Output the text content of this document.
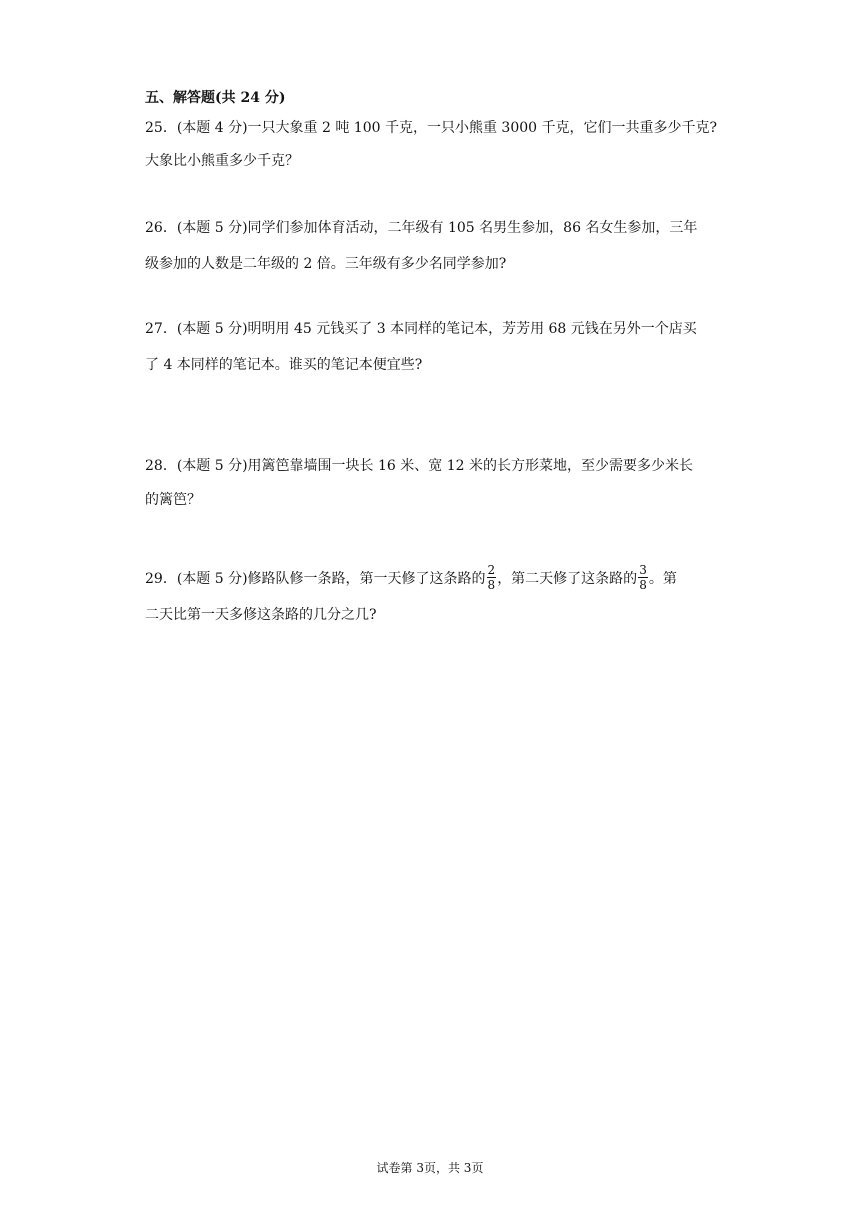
五、解答题(共 24 分)
25．(本题 4 分)一只大象重 2 吨 100 千克，一只小熊重 3000 千克，它们一共重多少千克?
大象比小熊重多少千克？
26．(本题 5 分)同学们参加体育活动，二年级有 105 名男生参加，86 名女生参加，三年
级参加的人数是二年级的 2 倍。三年级有多少名同学参加?
27．(本题 5 分)明明用 45 元钱买了 3 本同样的笔记本，芳芳用 68 元钱在另外一个店买
了 4 本同样的笔记本。谁买的笔记本便宜些?
28．(本题 5 分)用篱笆靠墙围一块长 16 米、宽 12 米的长方形菜地，至少需要多少米长
的篱笆？
29．(本题 5 分)修路队修一条路，第一天修了这条路的 $\frac{2}{8}$ ，第二天修了这条路的 $\frac{3}{8}$ 。第
二天比第一天多修这条路的几分之几?
试卷第 3页，共 3页
